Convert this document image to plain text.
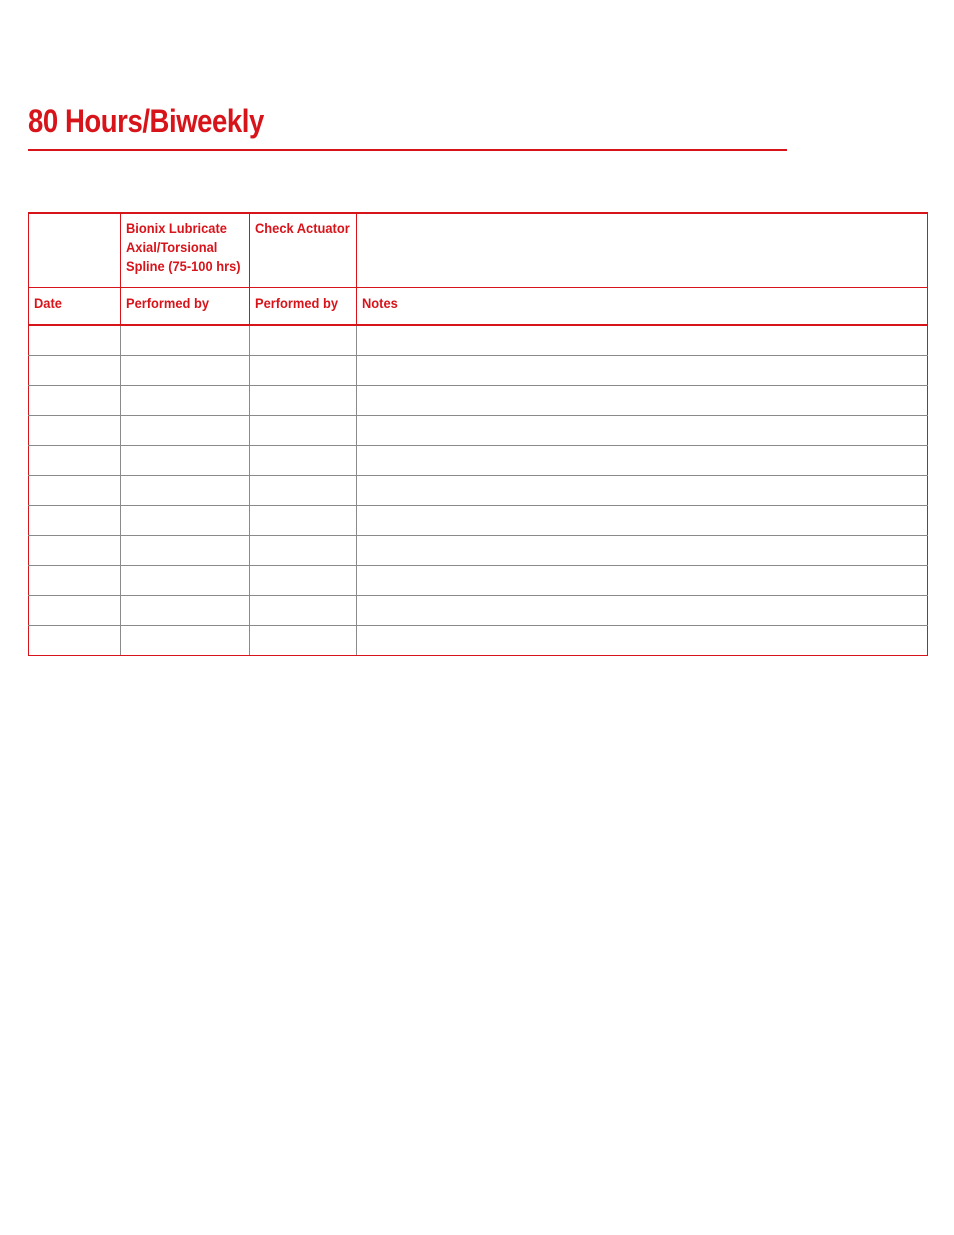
80 Hours/Biweekly

	Bionix Lubricate
Axial/Torsional
Spline (75-100 hrs)	Check Actuator	

Date	Performed by	Performed by	Notes
